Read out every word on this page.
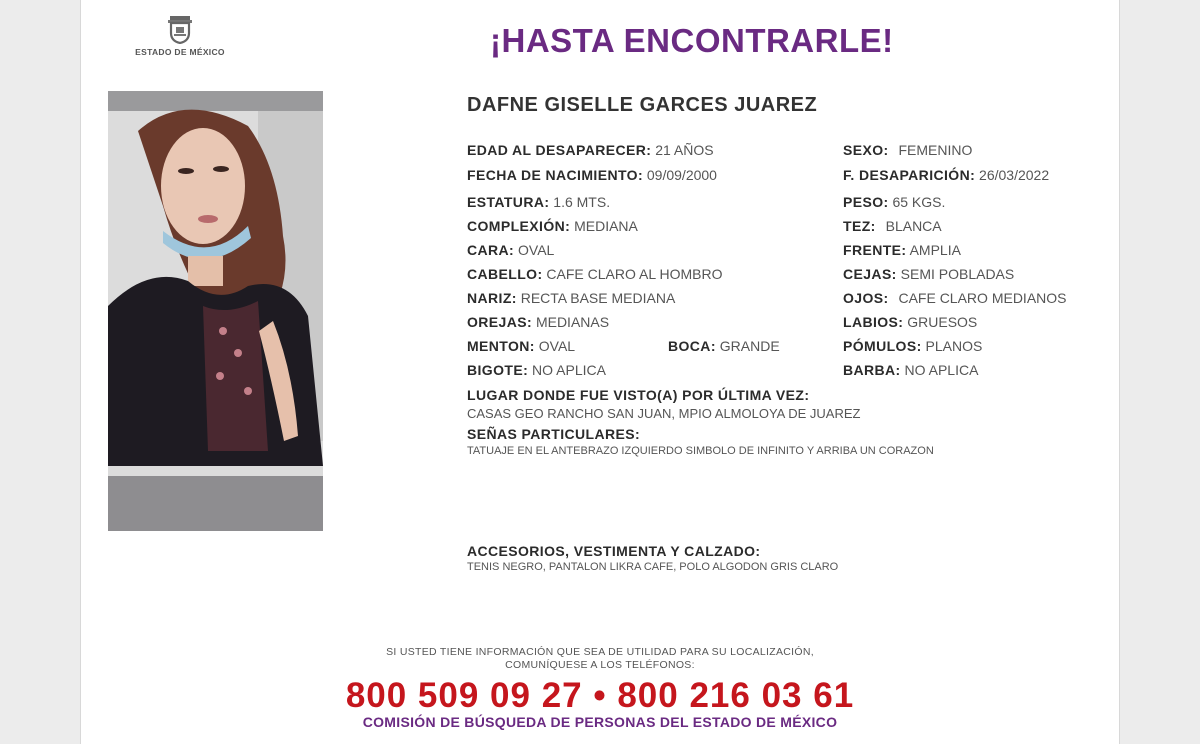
ESTADO DE MÉXICO	¡HASTA ENCONTRARLE!
DAFNE GISELLE GARCES JUAREZ
EDAD AL DESAPARECER: 21 AÑOS
FECHA DE NACIMIENTO: 09/09/2000
ESTATURA: 1.6 MTS.
COMPLEXIÓN: MEDIANA
CARA: OVAL
CABELLO: CAFE CLARO AL HOMBRO
NARIZ: RECTA BASE MEDIANA
OREJAS: MEDIANAS
MENTON: OVAL	BOCA: GRANDE
BIGOTE: NO APLICA
SEXO: FEMENINO
F. DESAPARICIÓN: 26/03/2022
PESO: 65 KGS.
TEZ: BLANCA
FRENTE: AMPLIA
CEJAS: SEMI POBLADAS
OJOS: CAFE CLARO MEDIANOS
LABIOS: GRUESOS
PÓMULOS: PLANOS
BARBA: NO APLICA
LUGAR DONDE FUE VISTO(A) POR ÚLTIMA VEZ:
CASAS GEO RANCHO SAN JUAN, MPIO ALMOLOYA DE JUAREZ
SEÑAS PARTICULARES:
TATUAJE EN EL ANTEBRAZO IZQUIERDO SIMBOLO DE INFINITO Y ARRIBA UN CORAZON
ACCESORIOS, VESTIMENTA Y CALZADO:
TENIS NEGRO, PANTALON LIKRA CAFE, POLO ALGODON GRIS CLARO
SI USTED TIENE INFORMACIÓN QUE SEA DE UTILIDAD PARA SU LOCALIZACIÓN,
COMUNÍQUESE A LOS TELÉFONOS:
800 509 09 27 • 800 216 03 61
COMISIÓN DE BÚSQUEDA DE PERSONAS DEL ESTADO DE MÉXICO
